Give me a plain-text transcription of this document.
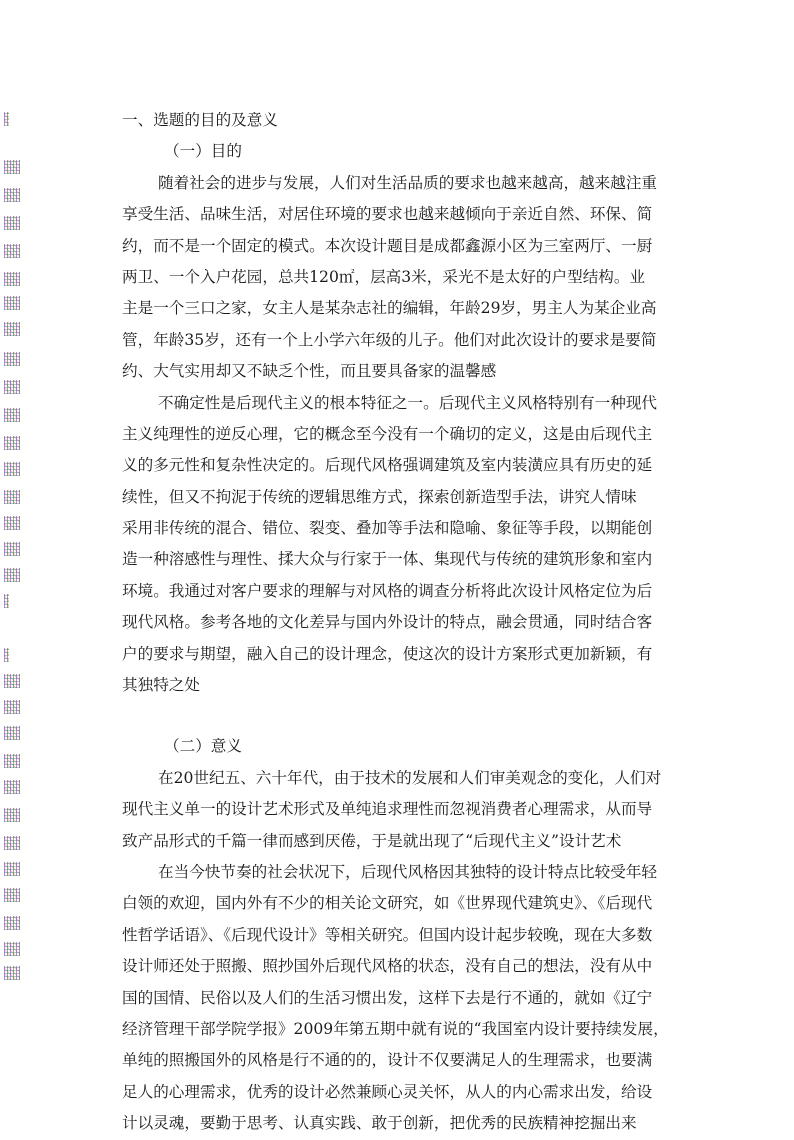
一、选题的目的及意义
（一）目的
随着社会的进步与发展，人们对生活品质的要求也越来越高，越来越注重
享受生活、品味生活，对居住环境的要求也越来越倾向于亲近自然、环保、简
约，而不是一个固定的模式。本次设计题目是成都鑫源小区为三室两厅、一厨
两卫、一个入户花园，总共120㎡，层高3米，采光不是太好的户型结构。业
主是一个三口之家，女主人是某杂志社的编辑，年龄29岁，男主人为某企业高
管，年龄35岁，还有一个上小学六年级的儿子。他们对此次设计的要求是要简
约、大气实用却又不缺乏个性，而且要具备家的温馨感
不确定性是后现代主义的根本特征之一。后现代主义风格特别有一种现代
主义纯理性的逆反心理，它的概念至今没有一个确切的定义，这是由后现代主
义的多元性和复杂性决定的。后现代风格强调建筑及室内装潢应具有历史的延
续性，但又不拘泥于传统的逻辑思维方式，探索创新造型手法，讲究人情味
采用非传统的混合、错位、裂变、叠加等手法和隐喻、象征等手段，以期能创
造一种溶感性与理性、揉大众与行家于一体、集现代与传统的建筑形象和室内
环境。我通过对客户要求的理解与对风格的调查分析将此次设计风格定位为后
现代风格。参考各地的文化差异与国内外设计的特点，融会贯通，同时结合客
户的要求与期望，融入自己的设计理念，使这次的设计方案形式更加新颖，有
其独特之处
（二）意义
在20世纪五、六十年代，由于技术的发展和人们审美观念的变化，人们对
现代主义单一的设计艺术形式及单纯追求理性而忽视消费者心理需求，从而导
致产品形式的千篇一律而感到厌倦，于是就出现了“后现代主义”设计艺术
在当今快节奏的社会状况下，后现代风格因其独特的设计特点比较受年轻
白领的欢迎，国内外有不少的相关论文研究，如《世界现代建筑史》、《后现代
性哲学话语》、《后现代设计》等相关研究。但国内设计起步较晚，现在大多数
设计师还处于照搬、照抄国外后现代风格的状态，没有自己的想法，没有从中
国的国情、民俗以及人们的生活习惯出发，这样下去是行不通的，就如《辽宁
经济管理干部学院学报》2009年第五期中就有说的“我国室内设计要持续发展，
单纯的照搬国外的风格是行不通的的，设计不仅要满足人的生理需求，也要满
足人的心理需求，优秀的设计必然兼顾心灵关怀，从人的内心需求出发，给设
计以灵魂，要勤于思考、认真实践、敢于创新，把优秀的民族精神挖掘出来
